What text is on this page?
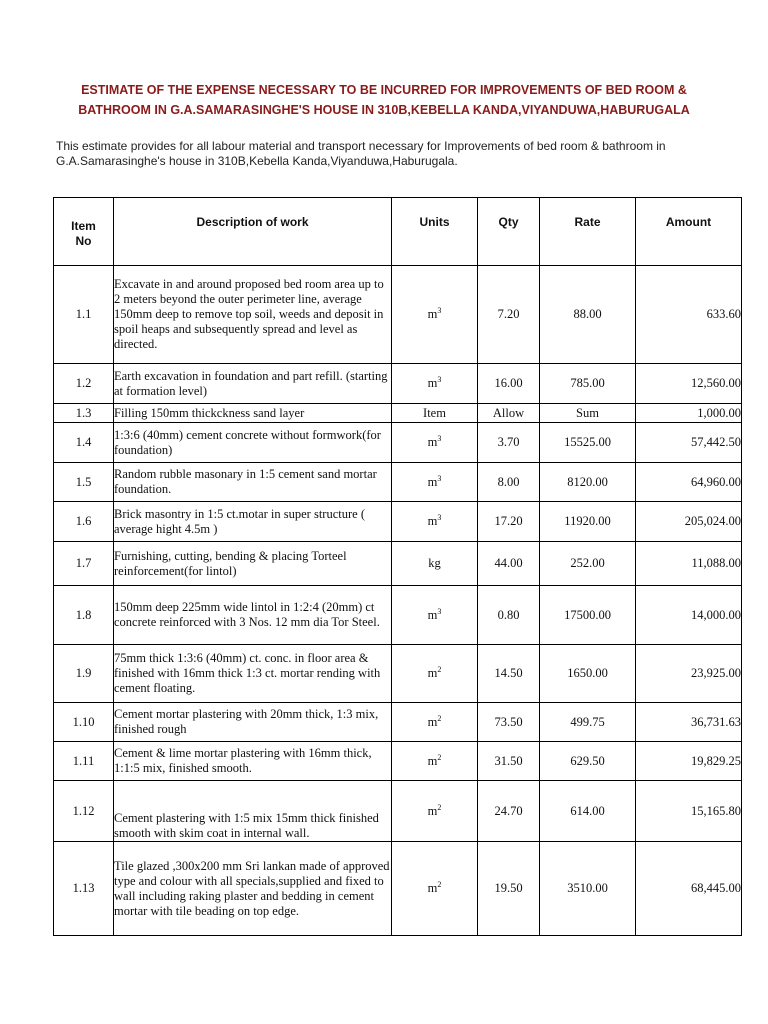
ESTIMATE OF THE EXPENSE NECESSARY TO BE INCURRED FOR IMPROVEMENTS OF BED ROOM &
BATHROOM IN G.A.SAMARASINGHE'S HOUSE IN 310B,KEBELLA KANDA,VIYANDUWA,HABURUGALA
This estimate provides for all labour material and transport necessary for Improvements of bed room & bathroom in
G.A.Samarasinghe's house in 310B,Kebella Kanda,Viyanduwa,Haburugala.
Item
No	Description of work	Units	Qty	Rate	Amount
1.1	Excavate in and around proposed bed room area up to 2 meters beyond the outer perimeter line, average 150mm deep to remove top soil, weeds and deposit in spoil heaps and subsequently spread and level as directed.	$m^3$	7.20	88.00	633.60
1.2	Earth excavation in foundation and part refill. (starting at formation level)	$m^3$	16.00	785.00	12,560.00
1.3	Filling 150mm thickckness sand layer	Item	Allow	Sum	1,000.00
1.4	1:3:6 (40mm) cement concrete without formwork(for foundation)	$m^3$	3.70	15525.00	57,442.50
1.5	Random rubble masonary in 1:5 cement sand mortar foundation.	$m^3$	8.00	8120.00	64,960.00
1.6	Brick masontry in 1:5 ct.motar in super structure ( average hight 4.5m )	$m^3$	17.20	11920.00	205,024.00
1.7	Furnishing, cutting, bending & placing Torteel reinforcement(for lintol)	kg	44.00	252.00	11,088.00
1.8	150mm deep 225mm wide lintol in 1:2:4 (20mm) ct concrete reinforced with 3 Nos. 12 mm dia Tor Steel.	$m^3$	0.80	17500.00	14,000.00
1.9	75mm thick 1:3:6 (40mm) ct. conc. in floor area & finished with 16mm thick 1:3 ct. mortar rending with cement floating.	$m^2$	14.50	1650.00	23,925.00
1.10	Cement mortar plastering with 20mm thick, 1:3 mix, finished rough	$m^2$	73.50	499.75	36,731.63
1.11	Cement & lime mortar plastering with 16mm thick, 1:1:5 mix, finished smooth.	$m^2$	31.50	629.50	19,829.25
1.12	Cement plastering with 1:5 mix 15mm thick finished smooth with skim coat in internal wall.	$m^2$	24.70	614.00	15,165.80
1.13	Tile glazed ,300x200 mm Sri lankan made of approved type and colour with all specials,supplied and fixed to wall including raking plaster and bedding in cement mortar with tile beading on top edge.	$m^2$	19.50	3510.00	68,445.00
